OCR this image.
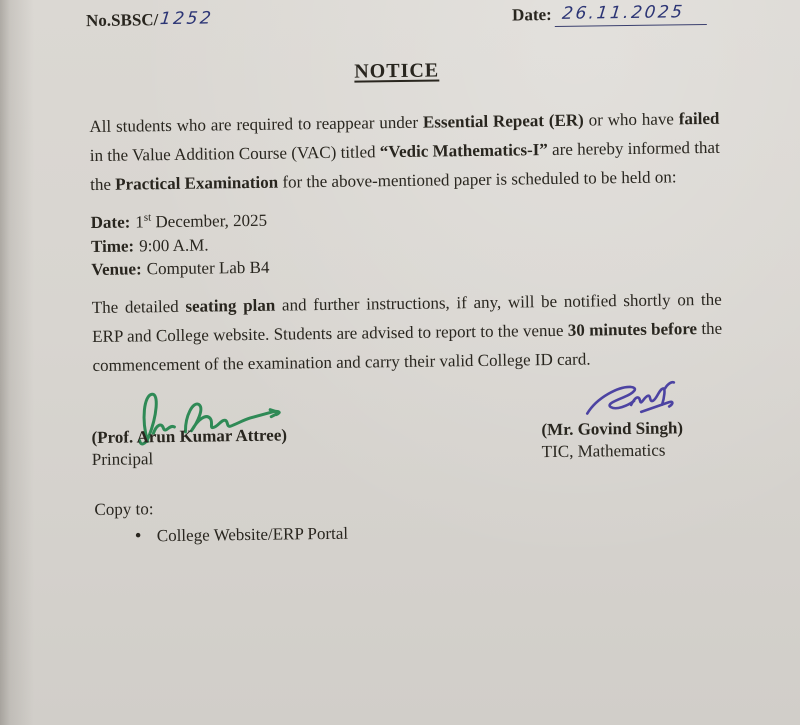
No.SBSC/1252	Date: 26.11.2025
NOTICE

All students who are required to reappear under Essential Repeat (ER) or who have failed in the Value Addition Course (VAC) titled “Vedic Mathematics-I” are hereby informed that the Practical Examination for the above-mentioned paper is scheduled to be held on:

Date: 1st December, 2025
Time: 9:00 A.M.
Venue: Computer Lab B4

The detailed seating plan and further instructions, if any, will be notified shortly on the ERP and College website. Students are advised to report to the venue 30 minutes before the commencement of the examination and carry their valid College ID card.

(Prof. Arun Kumar Attree)
Principal
(Mr. Govind Singh)
TIC, Mathematics
Copy to:
• College Website/ERP Portal
